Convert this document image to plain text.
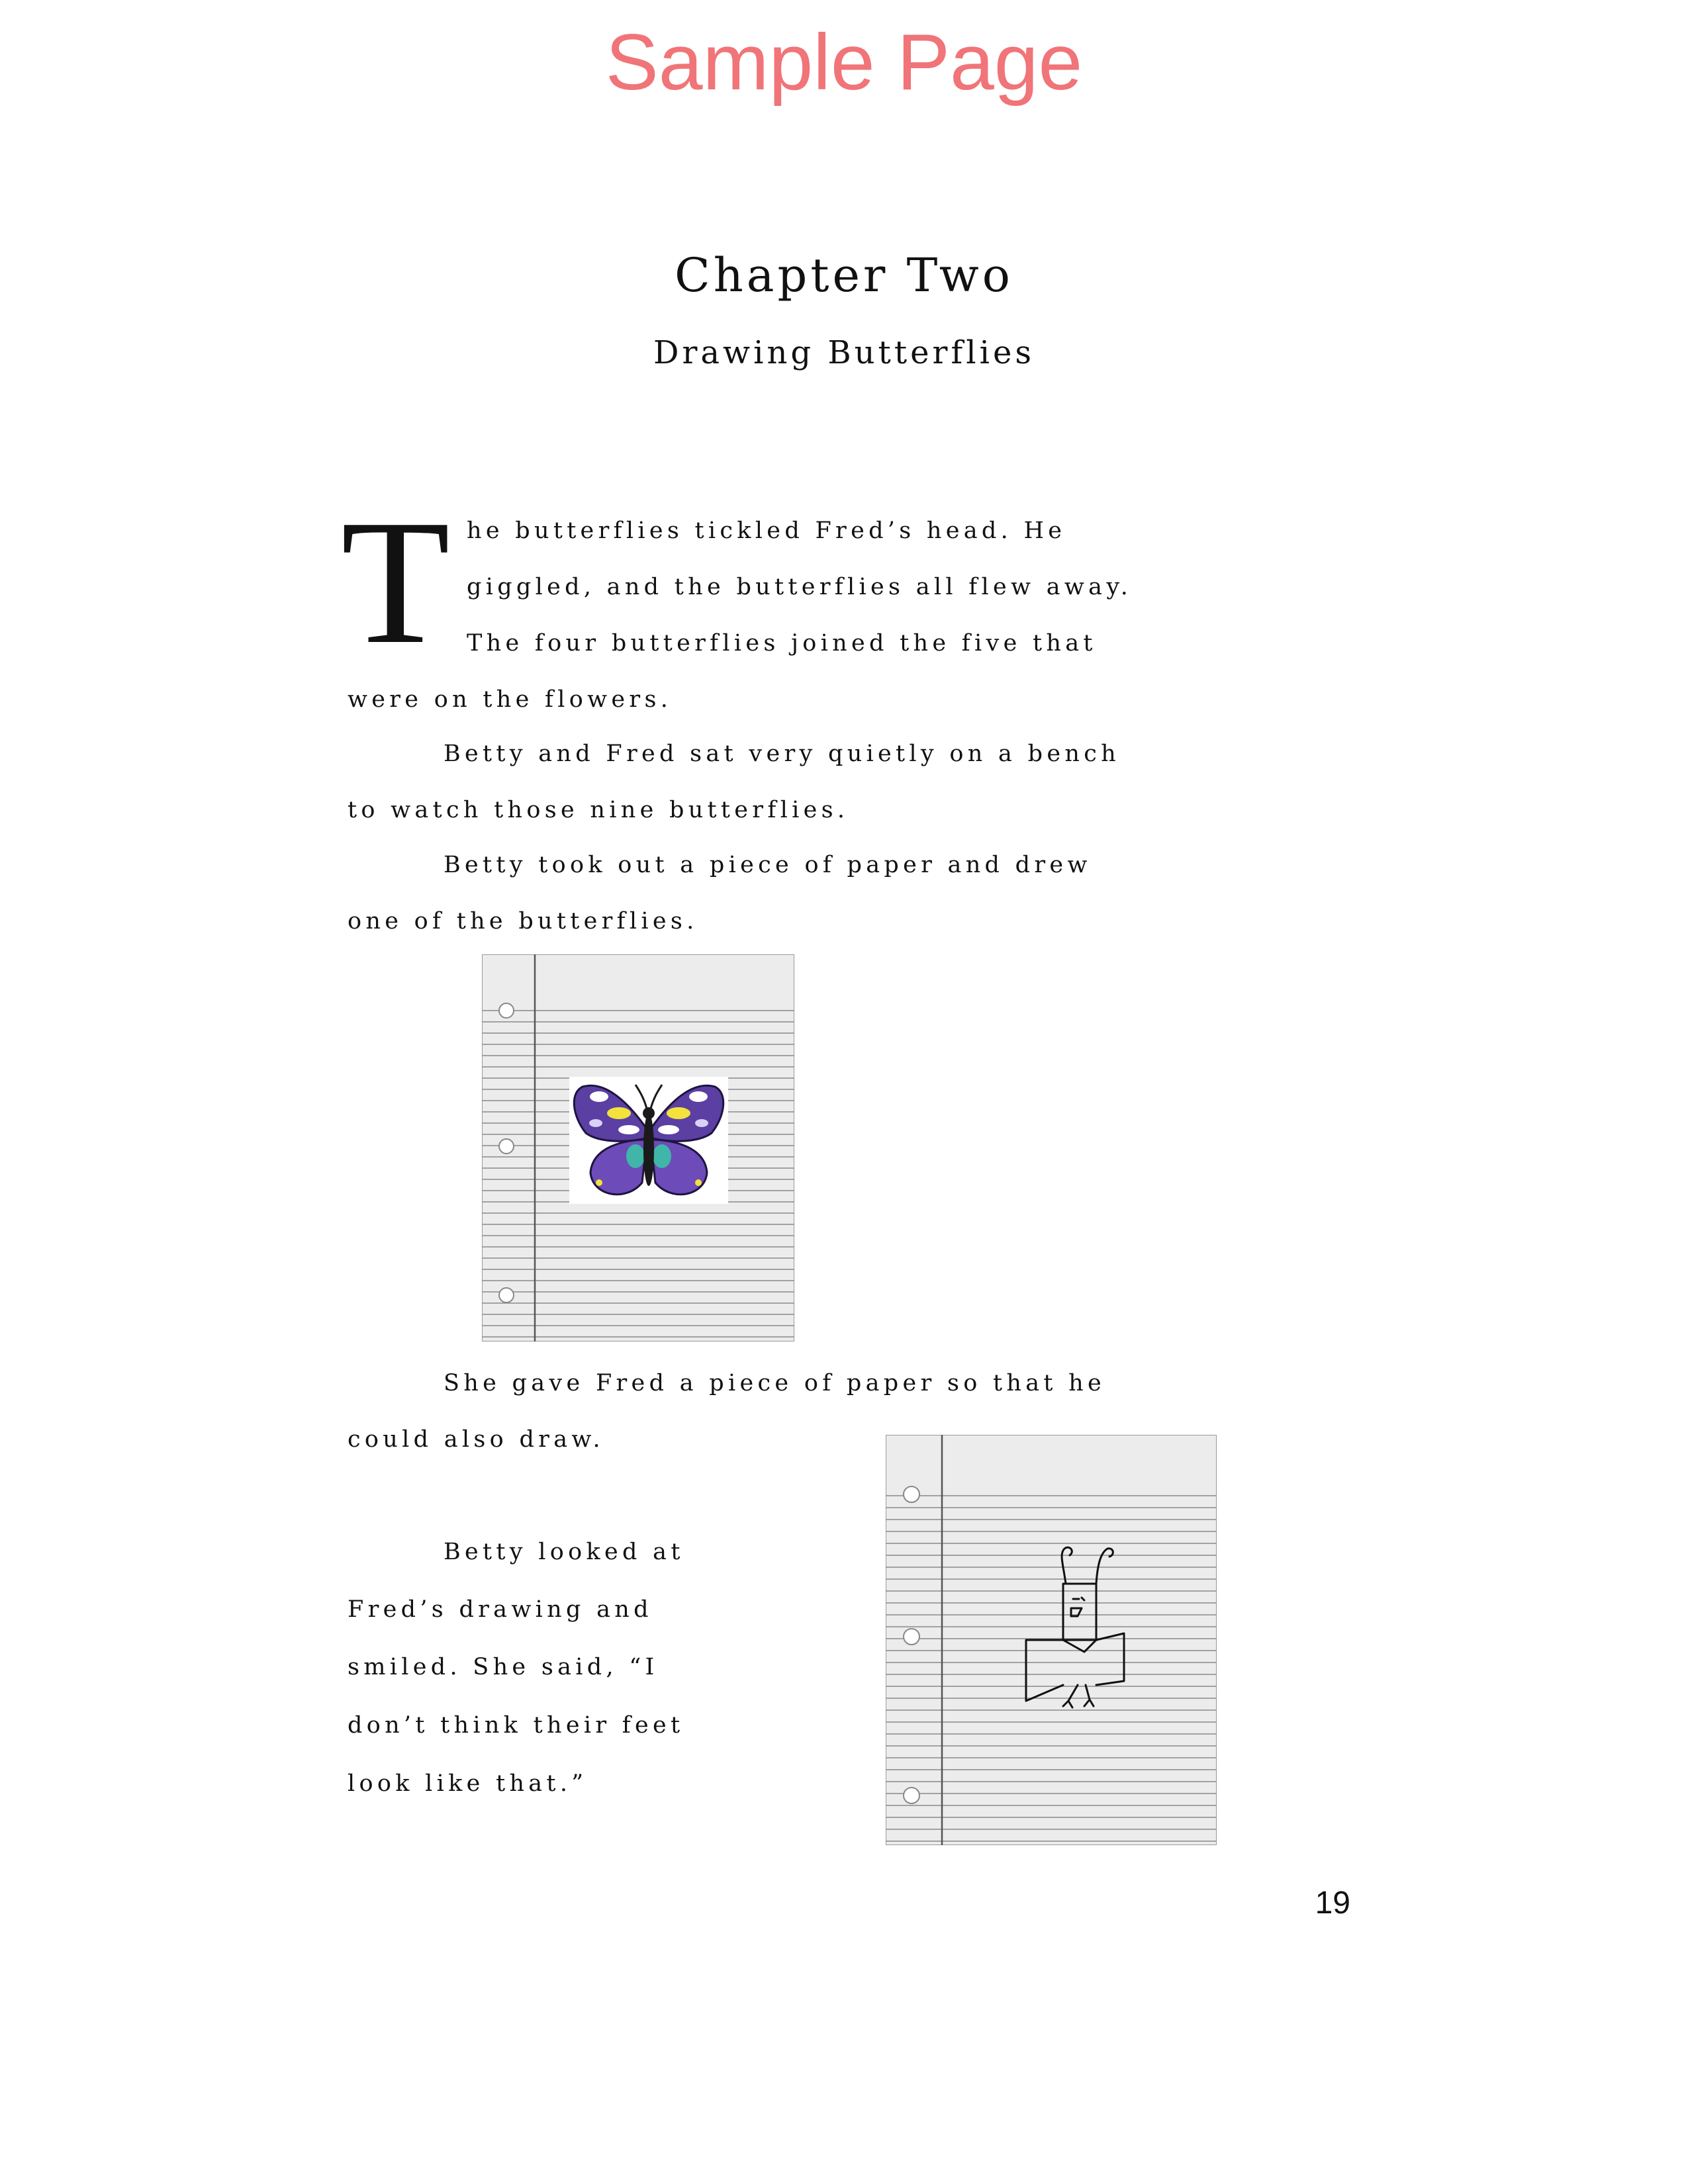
Sample Page
Chapter Two
Drawing Butterflies
T he butterflies tickled Fred’s head. He
giggled, and the butterflies all flew away.
The four butterflies joined the five that
were on the flowers.
Betty and Fred sat very quietly on a bench
to watch those nine butterflies.
Betty took out a piece of paper and drew
one of the butterflies.
She gave Fred a piece of paper so that he
could also draw.
Betty looked at
Fred’s drawing and
smiled. She said, “I
don’t think their feet
look like that.”
19
